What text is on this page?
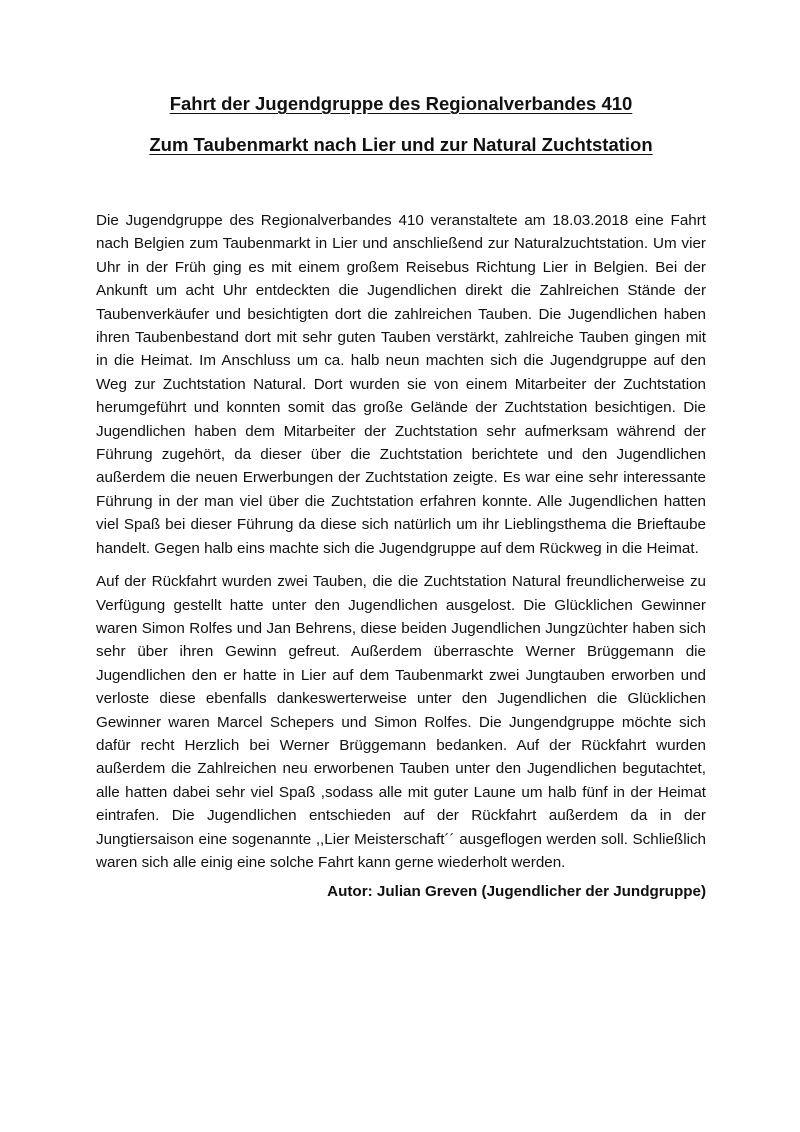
Fahrt der Jugendgruppe des Regionalverbandes 410
Zum Taubenmarkt nach Lier und zur Natural Zuchtstation

Die Jugendgruppe des Regionalverbandes 410 veranstaltete am 18.03.2018 eine Fahrt nach Belgien zum Taubenmarkt in Lier und anschließend zur Naturalzuchtstation. Um vier Uhr in der Früh ging es mit einem großem Reisebus Richtung Lier in Belgien. Bei der Ankunft um acht Uhr entdeckten die Jugendlichen direkt die Zahlreichen Stände der Taubenverkäufer und besichtigten dort die zahlreichen Tauben. Die Jugendlichen haben ihren Taubenbestand dort mit sehr guten Tauben verstärkt, zahlreiche Tauben gingen mit in die Heimat. Im Anschluss um ca. halb neun machten sich die Jugendgruppe auf den Weg zur Zuchtstation Natural. Dort wurden sie von einem Mitarbeiter der Zuchtstation herumgeführt und konnten somit das große Gelände der Zuchtstation besichtigen. Die Jugendlichen haben dem Mitarbeiter der Zuchtstation sehr aufmerksam während der Führung zugehört, da dieser über die Zuchtstation berichtete und den Jugendlichen außerdem die neuen Erwerbungen der Zuchtstation zeigte. Es war eine sehr interessante Führung in der man viel über die Zuchtstation erfahren konnte. Alle Jugendlichen hatten viel Spaß bei dieser Führung da diese sich natürlich um ihr Lieblingsthema die Brieftaube handelt. Gegen halb eins machte sich die Jugendgruppe auf dem Rückweg in die Heimat.

Auf der Rückfahrt wurden zwei Tauben, die die Zuchtstation Natural freundlicherweise zu Verfügung gestellt hatte unter den Jugendlichen ausgelost. Die Glücklichen Gewinner waren Simon Rolfes und Jan Behrens, diese beiden Jugendlichen Jungzüchter haben sich sehr über ihren Gewinn gefreut. Außerdem überraschte Werner Brüggemann die Jugendlichen den er hatte in Lier auf dem Taubenmarkt zwei Jungtauben erworben und verloste diese ebenfalls dankeswerterweise unter den Jugendlichen die Glücklichen Gewinner waren Marcel Schepers und Simon Rolfes. Die Jungendgruppe möchte sich dafür recht Herzlich bei Werner Brüggemann bedanken. Auf der Rückfahrt wurden außerdem die Zahlreichen neu erworbenen Tauben unter den Jugendlichen begutachtet, alle hatten dabei sehr viel Spaß ,sodass alle mit guter Laune um halb fünf in der Heimat eintrafen. Die Jugendlichen entschieden auf der Rückfahrt außerdem da in der Jungtiersaison eine sogenannte ,,Lier Meisterschaft´´ ausgeflogen werden soll. Schließlich waren sich alle einig eine solche Fahrt kann gerne wiederholt werden.

Autor: Julian Greven (Jugendlicher der Jundgruppe)
